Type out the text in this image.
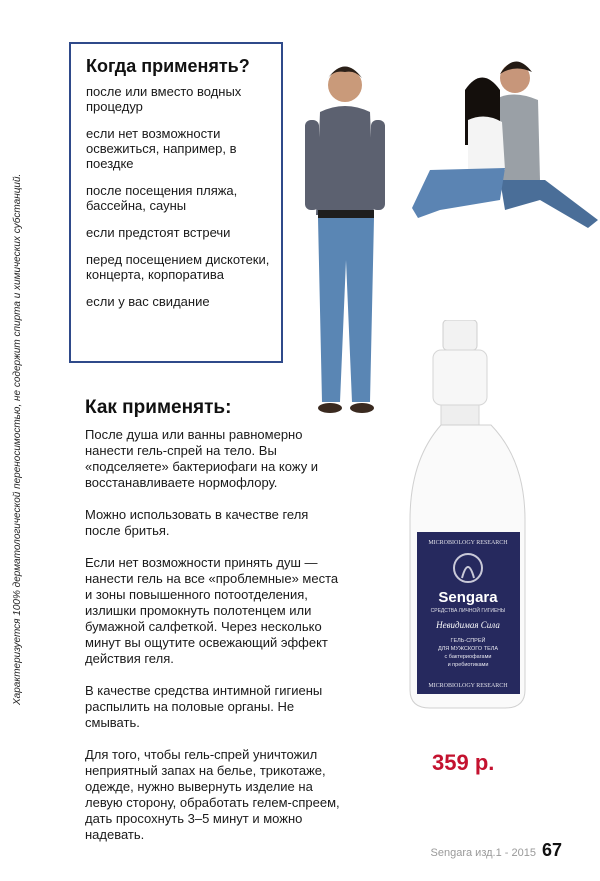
Характеризуется 100% дерматологической переносимостью, не содержит спирта и химических субстанций.
Когда применять?
после или вместо водных процедур
если нет возможности освежиться, например, в поездке
после посещения пляжа, бассейна, сауны
если предстоят встречи
перед посещением дискотеки, концерта, корпоратива
если у вас свидание
MICROBIOLOGY RESEARCH
Sengara
СРЕДСТВА ЛИЧНОЙ ГИГИЕНЫ
Невидимая Сила
ГЕЛЬ-СПРЕЙ
ДЛЯ МУЖСКОГО ТЕЛА
с бактериофагами
и пребиотиками
MICROBIOLOGY RESEARCH
Как применять:

После душа или ванны равномерно нанести гель-спрей на тело. Вы «подселяете» бактериофаги на кожу и восстанавливаете нормофлору.

Можно использовать в качестве геля после бритья.

Если нет возможности принять душ — нанести гель на все «проблемные» места и зоны повышенного потоотделения, излишки промокнуть полотенцем или бумажной салфеткой. Через несколько минут вы ощутите освежающий эффект действия геля.

В качестве средства интимной гигиены распылить на половые органы. Не смывать.

Для того, чтобы гель-спрей уничтожил неприятный запах на белье, трикотаже, одежде, нужно вывернуть изделие на левую сторону, обработать гелем-спреем, дать просохнуть 3–5 минут и можно надевать.

359 р.
Sengara изд.1 - 2015 67
